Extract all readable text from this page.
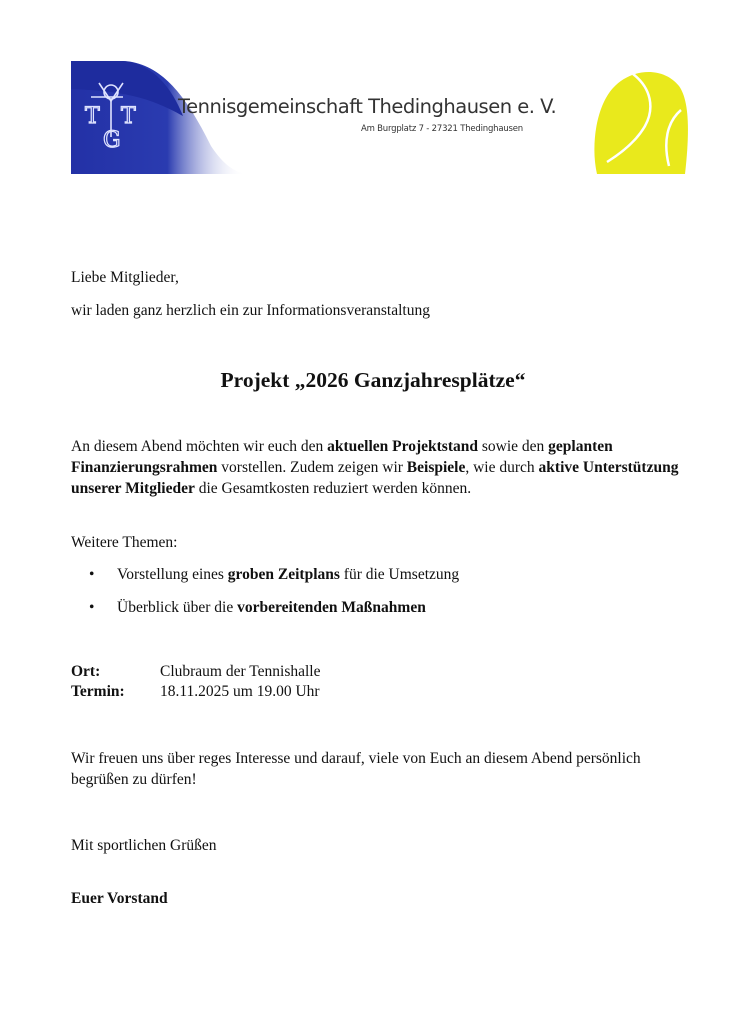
T
G
T Tennisgemeinschaft Thedinghausen e. V.
Am Burgplatz 7 - 27321 Thedinghausen

Liebe Mitglieder,

wir laden ganz herzlich ein zur Informationsveranstaltung

Projekt „2026 Ganzjahresplätze“

An diesem Abend möchten wir euch den aktuellen Projektstand sowie den geplanten Finanzierungsrahmen vorstellen. Zudem zeigen wir Beispiele, wie durch aktive Unterstützung unserer Mitglieder die Gesamtkosten reduziert werden können.

Weitere Themen:

• Vorstellung eines groben Zeitplans für die Umsetzung
• Überblick über die vorbereitenden Maßnahmen
Ort:	Clubraum der Tennishalle
Termin: 18.11.2025 um 19.00 Uhr

Wir freuen uns über reges Interesse und darauf, viele von Euch an diesem Abend persönlich begrüßen zu dürfen!

Mit sportlichen Grüßen

Euer Vorstand
